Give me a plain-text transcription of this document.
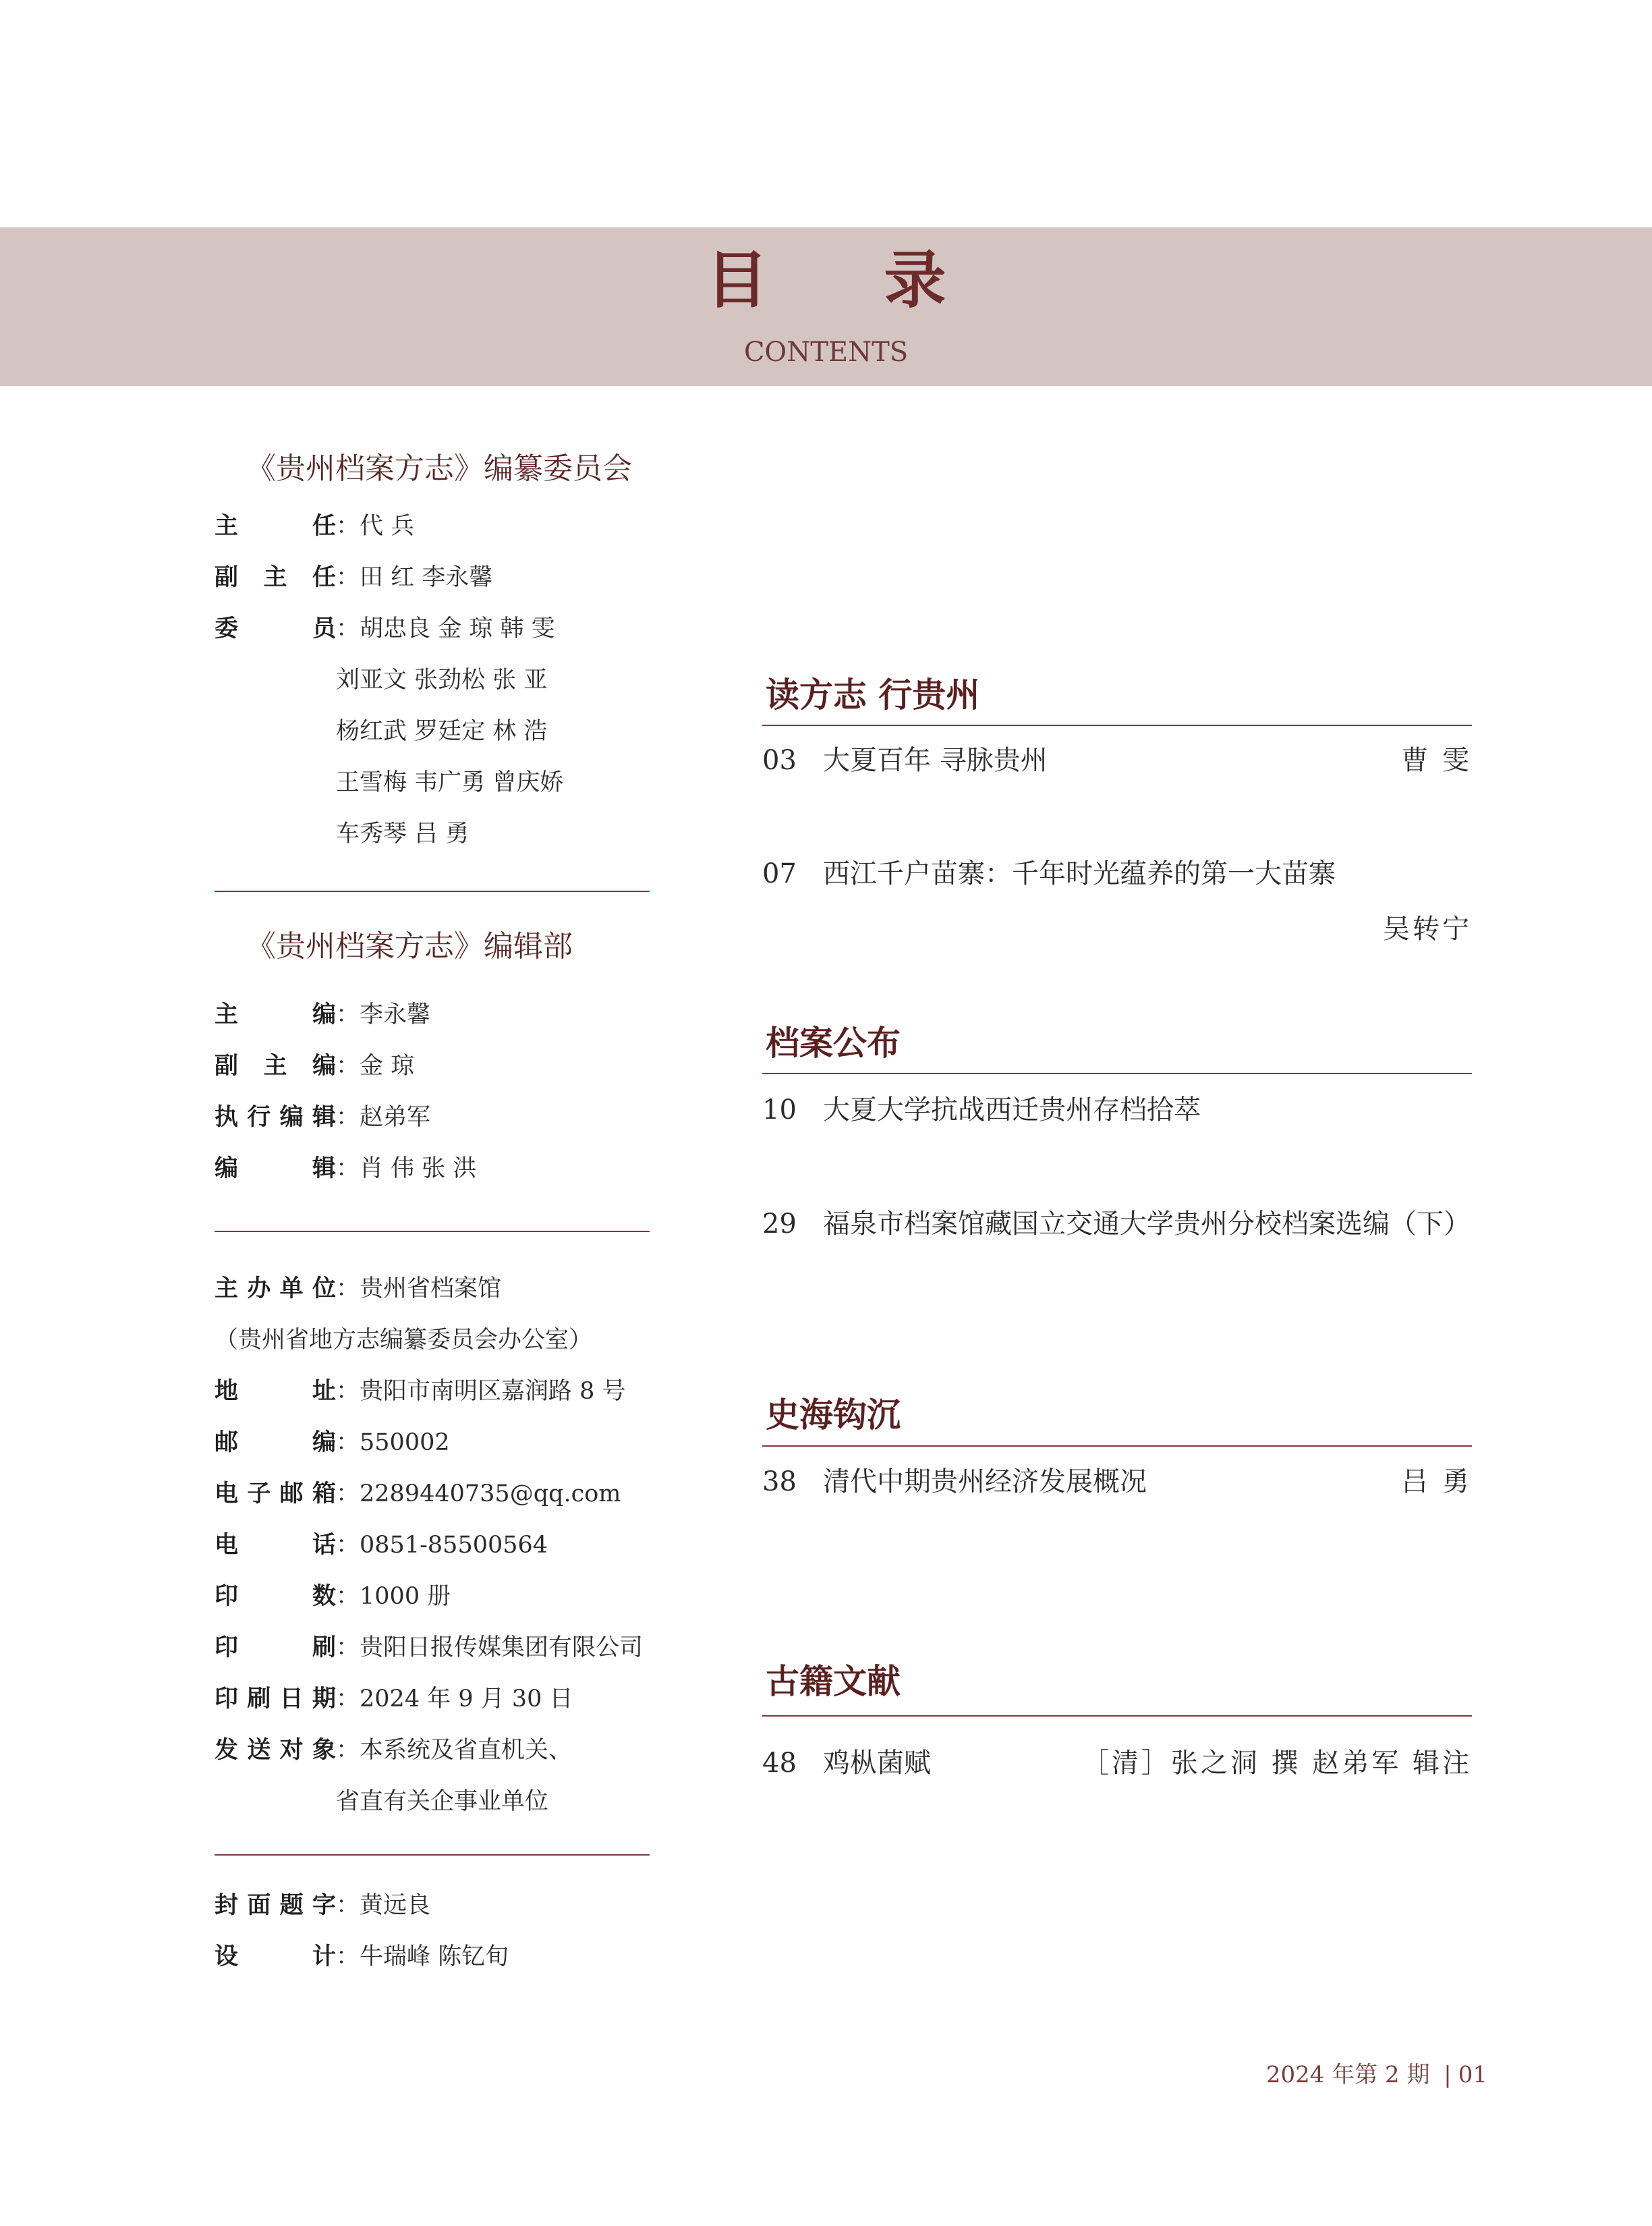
目 录
CONTENTS
《贵州档案方志》编纂委员会
主任：代 兵
副主任：田 红 李永馨
委员：胡忠良 金 琼 韩 雯
刘亚文 张劲松 张 亚
杨红武 罗廷定 林 浩
王雪梅 韦广勇 曾庆娇
车秀琴 吕 勇
《贵州档案方志》编辑部
主编：李永馨
副主编：金 琼
执行编辑：赵弟军
编辑：肖 伟 张 洪
主办单位：贵州省档案馆
（贵州省地方志编纂委员会办公室）
地址：贵阳市南明区嘉润路 8 号
邮编：550002
电子邮箱：2289440735@qq.com
电话：0851-85500564
印数：1000 册
印刷：贵阳日报传媒集团有限公司
印刷日期：2024 年 9 月 30 日
发送对象：本系统及省直机关、
省直有关企事业单位
封面题字：黄远良
设计：牛瑞峰 陈钇旬
读方志 行贵州
03 大夏百年 寻脉贵州	曹 雯
07 西江千户苗寨：千年时光蕴养的第一大苗寨
吴转宁
档案公布
10 大夏大学抗战西迁贵州存档拾萃
29 福泉市档案馆藏国立交通大学贵州分校档案选编（下）
史海钩沉
38 清代中期贵州经济发展概况	吕 勇
古籍文献
48 鸡枞菌赋	［清］张之洞 撰 赵弟军 辑注
2024 年第 2 期 | 01
